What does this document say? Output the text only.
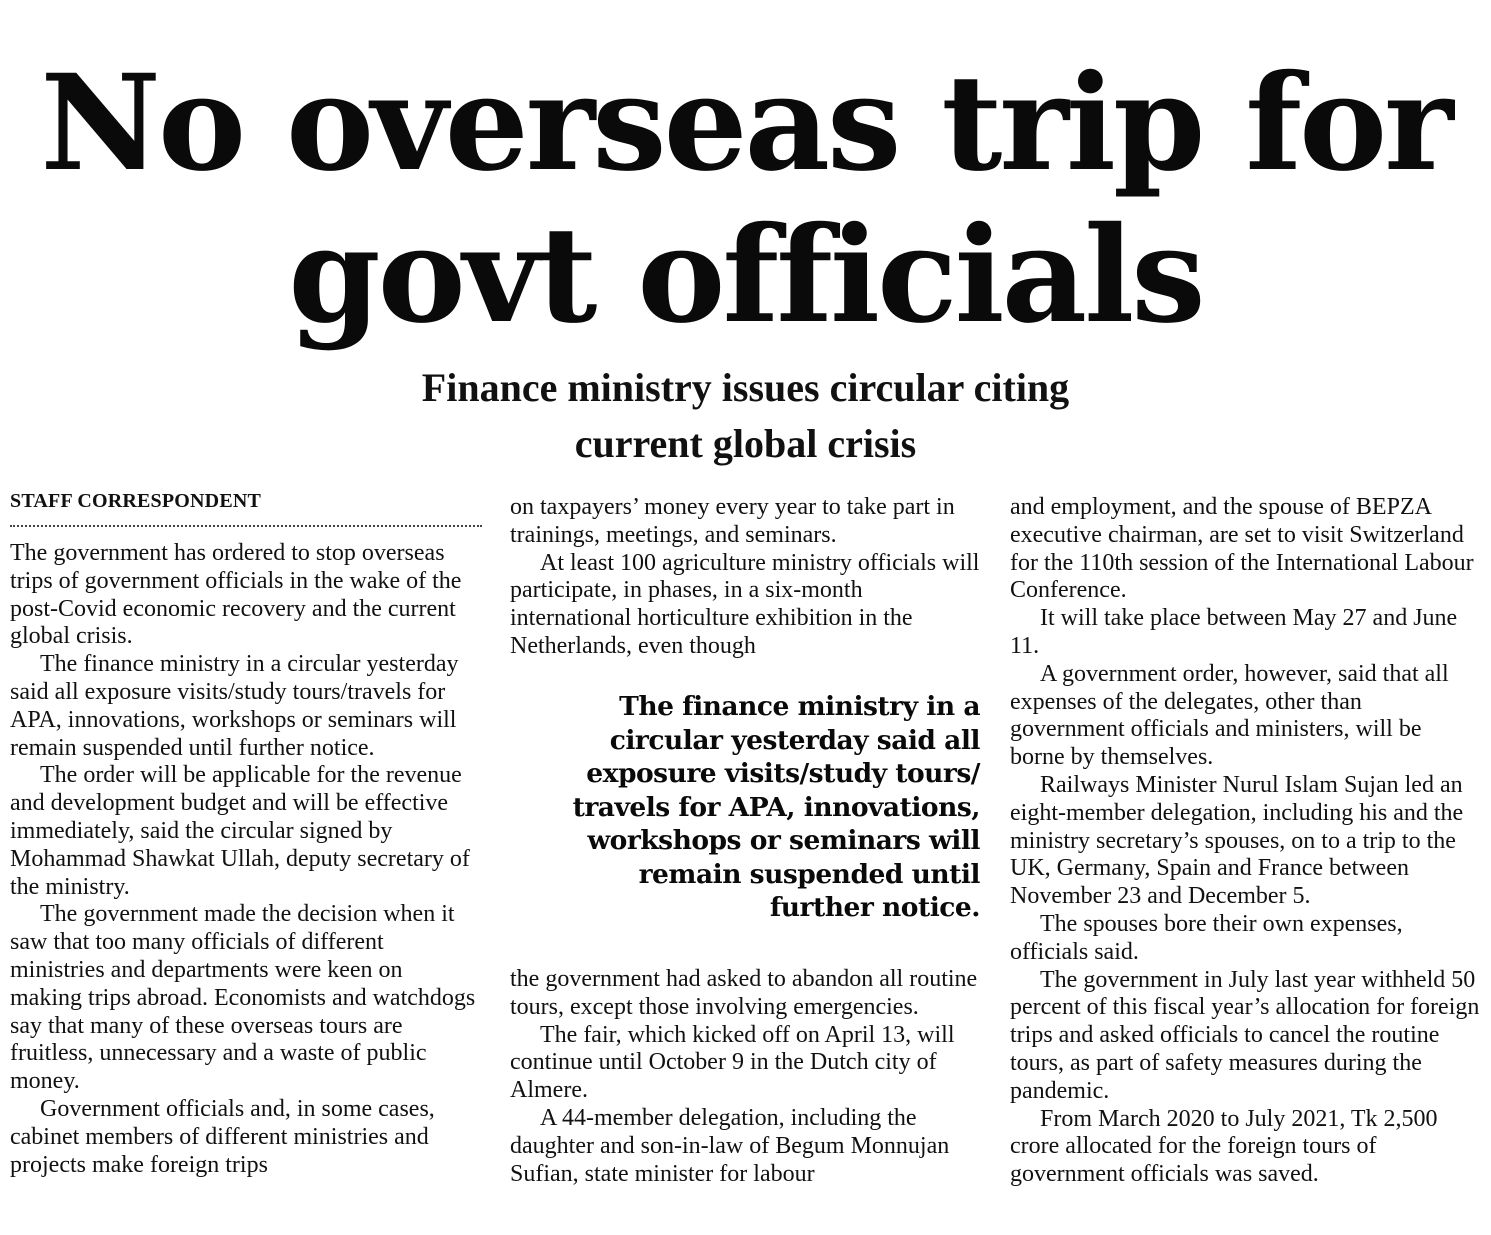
No overseas trip for
govt officials
Finance ministry issues circular citing
current global crisis
STAFF CORRESPONDENT

The government has ordered to stop overseas trips of government officials in the wake of the post-Covid economic recovery and the current global crisis.

The finance ministry in a circular yesterday said all exposure visits/study tours/travels for APA, innovations, workshops or seminars will remain suspended until further notice.

The order will be applicable for the revenue and development budget and will be effective immediately, said the circular signed by Mohammad Shawkat Ullah, deputy secretary of the ministry.

The government made the decision when it saw that too many officials of different ministries and departments were keen on making trips abroad. Economists and watchdogs say that many of these overseas tours are fruitless, unnecessary and a waste of public money.

Government officials and, in some cases, cabinet members of different ministries and projects make foreign trips

on taxpayers’ money every year to take part in trainings, meetings, and seminars.

At least 100 agriculture ministry officials will participate, in phases, in a six-month international horticulture exhibition in the Netherlands, even though

The finance ministry in a circular yesterday said all exposure visits/study tours/ travels for APA, innovations, workshops or seminars will remain suspended until further notice.

the government had asked to abandon all routine tours, except those involving emergencies.

The fair, which kicked off on April 13, will continue until October 9 in the Dutch city of Almere.

A 44-member delegation, including the daughter and son-in-law of Begum Monnujan Sufian, state minister for labour

and employment, and the spouse of BEPZA executive chairman, are set to visit Switzerland for the 110th session of the International Labour Conference.

It will take place between May 27 and June 11.

A government order, however, said that all expenses of the delegates, other than government officials and ministers, will be borne by themselves.

Railways Minister Nurul Islam Sujan led an eight-member delegation, including his and the ministry secretary’s spouses, on to a trip to the UK, Germany, Spain and France between November 23 and December 5.

The spouses bore their own expenses, officials said.

The government in July last year withheld 50 percent of this fiscal year’s allocation for foreign trips and asked officials to cancel the routine tours, as part of safety measures during the pandemic.

From March 2020 to July 2021, Tk 2,500 crore allocated for the foreign tours of government officials was saved.
